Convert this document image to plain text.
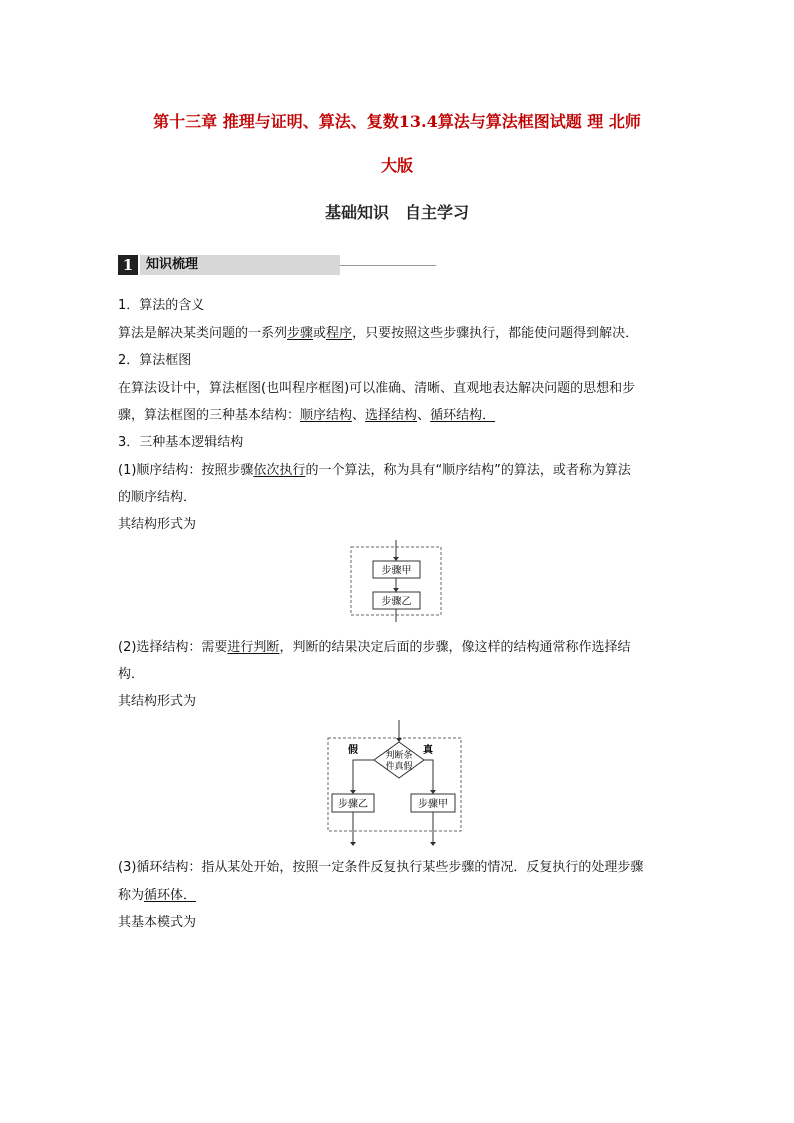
第十三章 推理与证明、算法、复数13.4算法与算法框图试题 理 北师
大版
基础知识　自主学习
1 知识梳理
1．算法的含义
算法是解决某类问题的一系列步骤或程序，只要按照这些步骤执行，都能使问题得到解决．
2．算法框图
在算法设计中，算法框图(也叫程序框图)可以准确、清晰、直观地表达解决问题的思想和步
骤，算法框图的三种基本结构：顺序结构、选择结构、循环结构．
3．三种基本逻辑结构
(1)顺序结构：按照步骤依次执行的一个算法，称为具有“顺序结构”的算法，或者称为算法
的顺序结构．
其结构形式为
步骤甲
步骤乙
(2)选择结构：需要进行判断，判断的结果决定后面的步骤，像这样的结构通常称作选择结
构．
其结构形式为
判断条
件真假
假	真
步骤乙	步骤甲
(3)循环结构：指从某处开始，按照一定条件反复执行某些步骤的情况．反复执行的处理步骤
称为循环体．
其基本模式为
